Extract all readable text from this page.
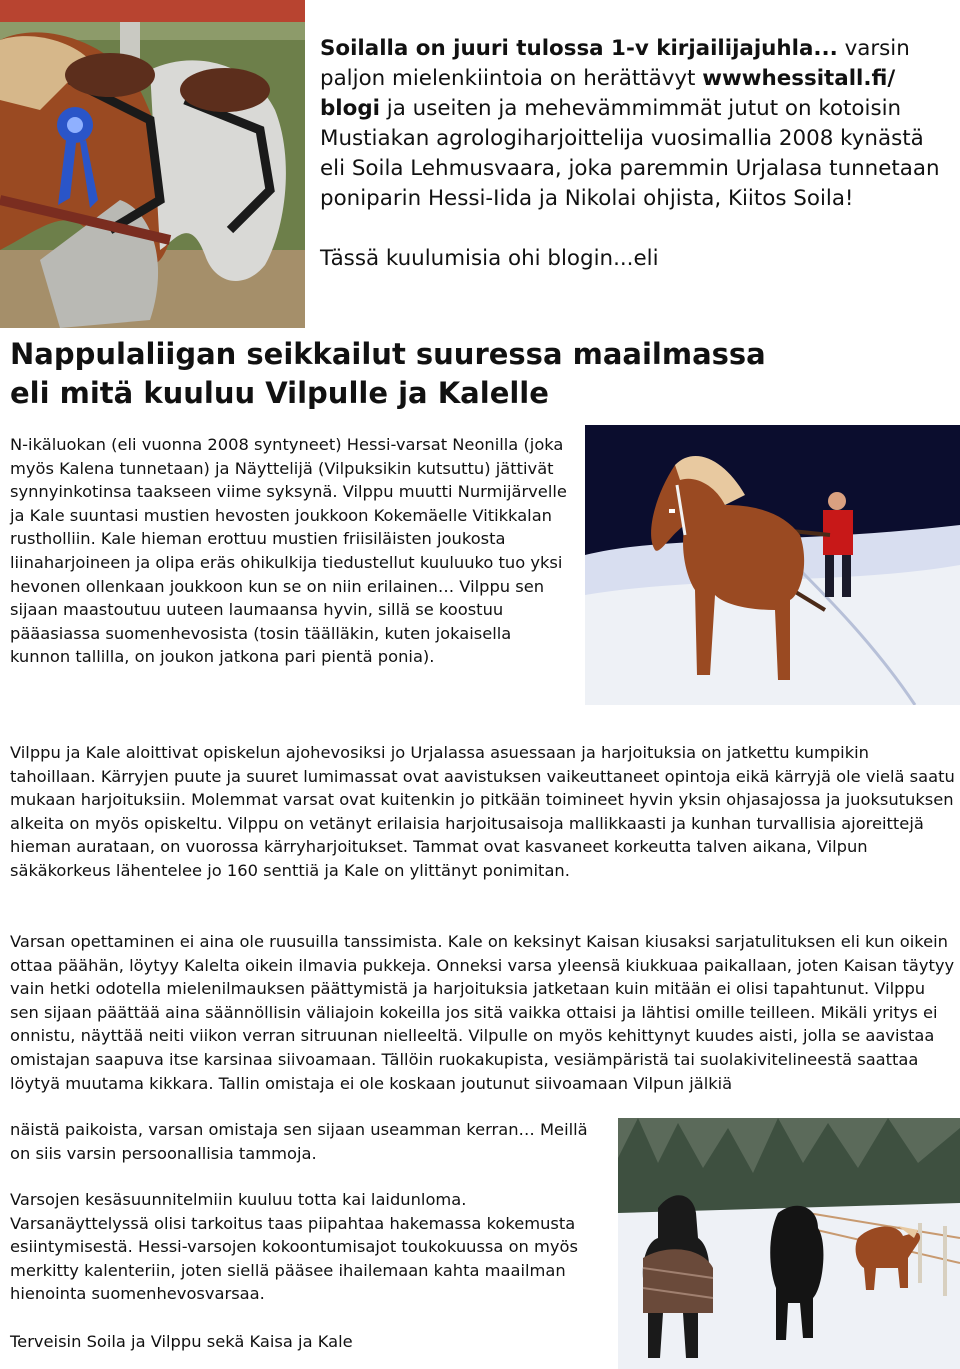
Soilalla on juuri tulossa 1-v kirjailijajuhla... varsin paljon mielenkiintoia on herättävyt wwwhessitall.fi/ blogi ja useiten ja mehevämmimmät jutut on kotoisin Mustiakan agrologiharjoittelija vuosimallia 2008 kynästä eli Soila Lehmusvaara, joka paremmin Urjalasa tunnetaan poniparin Hessi-Iida ja Nikolai ohjista, Kiitos Soila!

Tässä kuulumisia ohi blogin...eli

Nappulaliigan seikkailut suuressa maailmassa
eli mitä kuuluu Vilpulle ja Kalelle

N-ikäluokan (eli vuonna 2008 syntyneet) Hessi-varsat Neonilla (joka myös Kalena tunnetaan) ja Näyttelijä (Vilpuksikin kutsuttu) jättivät synnyinkotinsa taakseen viime syksynä. Vilppu muutti Nurmijärvelle ja Kale suuntasi mustien hevosten joukkoon Kokemäelle Vitikkalan rustholliin. Kale hieman erottuu mustien friisiläisten joukosta liinaharjoineen ja olipa eräs ohikulkija tiedustellut kuuluuko tuo yksi hevonen ollenkaan joukkoon kun se on niin erilainen… Vilppu sen sijaan maastoutuu uuteen laumaansa hyvin, sillä se koostuu pääasiassa suomenhevosista (tosin täälläkin, kuten jokaisella kunnon tallilla, on joukon jatkona pari pientä ponia).

Vilppu ja Kale aloittivat opiskelun ajohevosiksi jo Urjalassa asuessaan ja harjoituksia on jatkettu kumpikin tahoillaan. Kärryjen puute ja suuret lumimassat ovat aavistuksen vaikeuttaneet opintoja eikä kärryjä ole vielä saatu mukaan harjoituksiin. Molemmat varsat ovat kuitenkin jo pitkään toimineet hyvin yksin ohjasajossa ja juoksutuksen alkeita on myös opiskeltu. Vilppu on vetänyt erilaisia harjoitusaisoja mallikkaasti ja kunhan turvallisia ajoreittejä hieman aurataan, on vuorossa kärryharjoitukset. Tammat ovat kasvaneet korkeutta talven aikana, Vilpun säkäkorkeus lähentelee jo 160 senttiä ja Kale on ylittänyt ponimitan.

Varsan opettaminen ei aina ole ruusuilla tanssimista. Kale on keksinyt Kaisan kiusaksi sarjatulituksen eli kun oikein ottaa päähän, löytyy Kalelta oikein ilmavia pukkeja. Onneksi varsa yleensä kiukkuaa paikallaan, joten Kaisan täytyy vain hetki odotella mielenilmauksen päättymistä ja harjoituksia jatketaan kuin mitään ei olisi tapahtunut. Vilppu sen sijaan päättää aina säännöllisin väliajoin kokeilla jos sitä vaikka ottaisi ja lähtisi omille teilleen. Mikäli yritys ei onnistu, näyttää neiti viikon verran sitruunan nielleeltä. Vilpulle on myös kehittynyt kuudes aisti, jolla se aavistaa omistajan saapuva itse karsinaa siivoamaan. Tällöin ruokakupista, vesiämpäristä tai suolakivitelineestä saattaa löytyä muutama kikkara. Tallin omistaja ei ole koskaan joutunut siivoamaan Vilpun jälkiä

näistä paikoista, varsan omistaja sen sijaan useamman kerran… Meillä on siis varsin persoonallisia tammoja.

Varsojen kesäsuunnitelmiin kuuluu totta kai laidunloma. Varsanäyttelyssä olisi tarkoitus taas piipahtaa hakemassa kokemusta esiintymisestä. Hessi-varsojen kokoontumisajot toukokuussa on myös merkitty kalenteriin, joten siellä pääsee ihailemaan kahta maailman hienointa suomenhevosvarsaa.

Terveisin Soila ja Vilppu sekä Kaisa ja Kale
